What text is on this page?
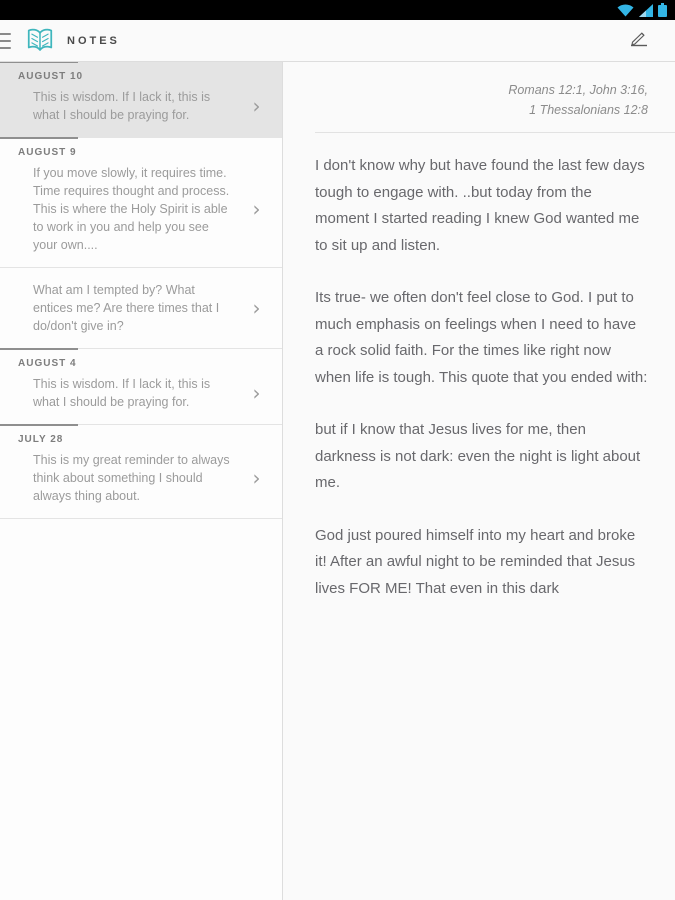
NOTES
AUGUST 10
This is wisdom. If I lack it, this is what I should be praying for.	›
AUGUST 9
If you move slowly, it requires time. Time requires thought and process. This is where the Holy Spirit is able to work in you and help you see your own....
›
What am I tempted by? What entices me? Are there times that I do/don't give in?
›
AUGUST 4
This is wisdom. If I lack it, this is what I should be praying for.	›
JULY 28
This is my great reminder to always think about something I should always thing about.
›
Romans 12:1, John 3:16,
1 Thessalonians 12:8

I don't know why but have found the last few days tough to engage with. ..but today from the moment I started reading I knew God wanted me to sit up and listen.

Its true- we often don't feel close to God. I put to much emphasis on feelings when I need to have a rock solid faith. For the times like right now when life is tough. This quote that you ended with:

but if I know that Jesus lives for me, then darkness is not dark: even the night is light about me.

God just poured himself into my heart and broke it! After an awful night to be reminded that Jesus lives FOR ME! That even in this dark
